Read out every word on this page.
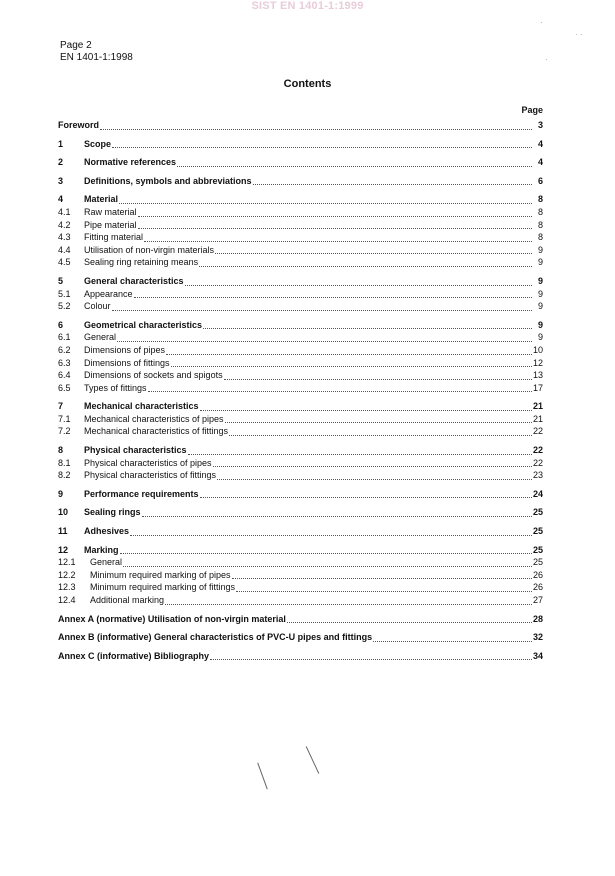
SIST EN 1401-1:1999
Page 2
EN 1401-1:1998
Contents
Page
Foreword	3
1	Scope	4
2	Normative references	4
3	Definitions, symbols and abbreviations	6
4	Material	8
4.1	Raw material	8
4.2	Pipe material	8
4.3	Fitting material	8
4.4	Utilisation of non-virgin materials	9
4.5	Sealing ring retaining means	9
5	General characteristics	9
5.1	Appearance	9
5.2	Colour	9
6	Geometrical characteristics	9
6.1	General	9
6.2	Dimensions of pipes	10
6.3	Dimensions of fittings	12
6.4	Dimensions of sockets and spigots	13
6.5	Types of fittings	17
7	Mechanical characteristics	21
7.1	Mechanical characteristics of pipes	21
7.2	Mechanical characteristics of fittings	22
8	Physical characteristics	22
8.1	Physical characteristics of pipes	22
8.2	Physical characteristics of fittings	23
9	Performance requirements	24
10	Sealing rings	25
11	Adhesives	25
12	Marking	25
12.1	General	25
12.2	Minimum required marking of pipes	26
12.3	Minimum required marking of fittings	26
12.4	Additional marking	27
Annex A (normative) Utilisation of non-virgin material	28
Annex B (informative) General characteristics of PVC-U pipes and fittings	32
Annex C (informative) Bibliography	34
·
· ·
·
